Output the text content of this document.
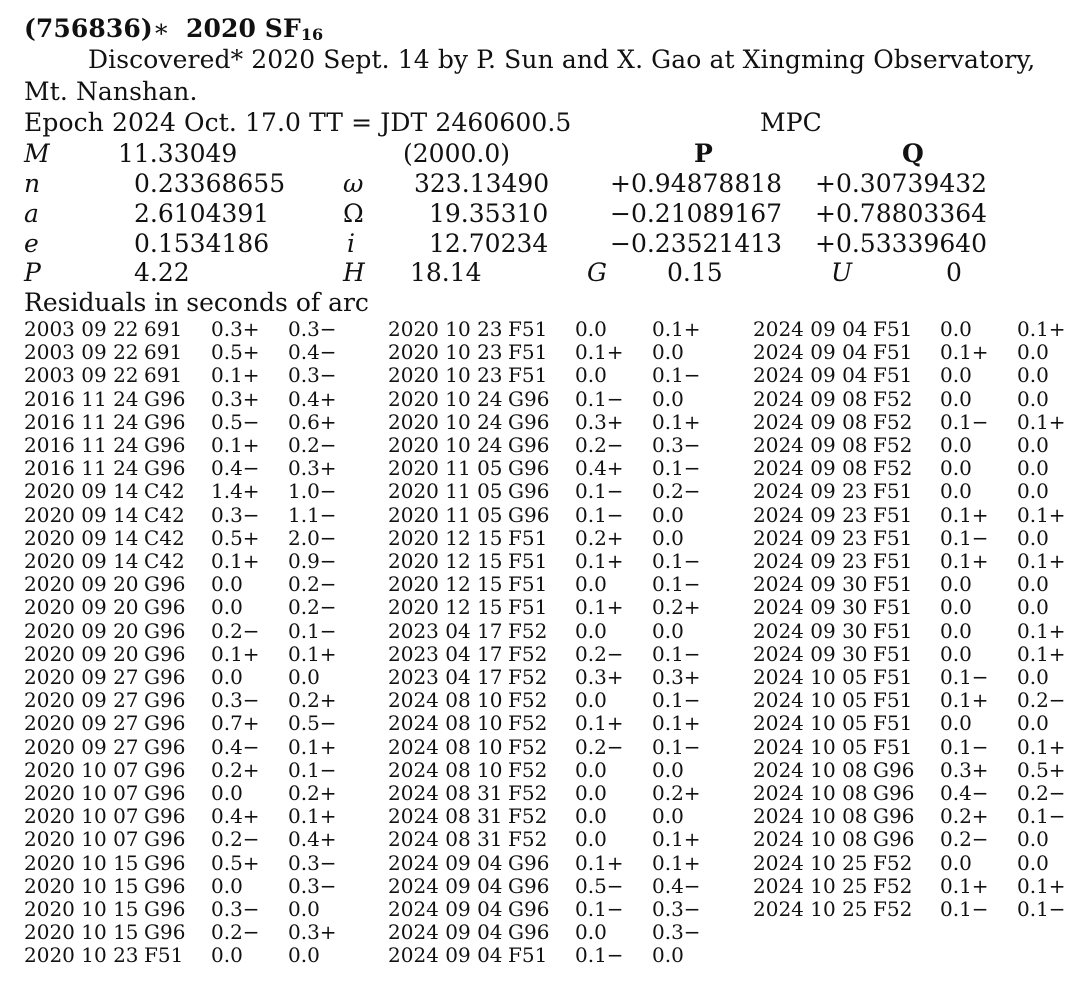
(756836)∗ 2020 $SF_{16}$
Discovered* 2020 Sept. 14 by P. Sun and X. Gao at Xingming Observatory,
Mt. Nanshan.
Epoch 2024 Oct. 17.0 TT = JDT 2460600.5	MPC
M	11.33049	(2000.0)	P	Q
n	0.23368655 ω 323.13490 +0.94878818 +0.30739432
a	2.6104391	Ω	19.35310 −0.21089167 +0.78803364
e	0.1534186	i	12.70234 −0.23521413 +0.53339640
P	4.22	H 18.14	G 0.15	U	0
Residuals in seconds of arc
2003 09 22 691 0.3+ 0.3−
2003 09 22 691 0.5+ 0.4−
2003 09 22 691 0.1+ 0.3−
2016 11 24 G96 0.3+ 0.4+
2016 11 24 G96 0.5− 0.6+
2016 11 24 G96 0.1+ 0.2−
2016 11 24 G96 0.4− 0.3+
2020 09 14 C42 1.4+ 1.0−
2020 09 14 C42 0.3− 1.1−
2020 09 14 C42 0.5+ 2.0−
2020 09 14 C42 0.1+ 0.9−
2020 09 20 G96 0.0 0.2−
2020 09 20 G96 0.0 0.2−
2020 09 20 G96 0.2− 0.1−
2020 09 20 G96 0.1+ 0.1+
2020 09 27 G96 0.0 0.0
2020 09 27 G96 0.3− 0.2+
2020 09 27 G96 0.7+ 0.5−
2020 09 27 G96 0.4− 0.1+
2020 10 07 G96 0.2+ 0.1−
2020 10 07 G96 0.0 0.2+
2020 10 07 G96 0.4+ 0.1+
2020 10 07 G96 0.2− 0.4+
2020 10 15 G96 0.5+ 0.3−
2020 10 15 G96 0.0 0.3−
2020 10 15 G96 0.3− 0.0
2020 10 15 G96 0.2− 0.3+
2020 10 23 F51 0.0 0.0
2020 10 23 F51 0.0 0.1+
2020 10 23 F51 0.1+ 0.0
2020 10 23 F51 0.0 0.1−
2020 10 24 G96 0.1− 0.0
2020 10 24 G96 0.3+ 0.1+
2020 10 24 G96 0.2− 0.3−
2020 11 05 G96 0.4+ 0.1−
2020 11 05 G96 0.1− 0.2−
2020 11 05 G96 0.1− 0.0
2020 12 15 F51 0.2+ 0.0
2020 12 15 F51 0.1+ 0.1−
2020 12 15 F51 0.0 0.1−
2020 12 15 F51 0.1+ 0.2+
2023 04 17 F52 0.0 0.0
2023 04 17 F52 0.2− 0.1−
2023 04 17 F52 0.3+ 0.3+
2024 08 10 F52 0.0 0.1−
2024 08 10 F52 0.1+ 0.1+
2024 08 10 F52 0.2− 0.1−
2024 08 10 F52 0.0 0.0
2024 08 31 F52 0.0 0.2+
2024 08 31 F52 0.0 0.0
2024 08 31 F52 0.0 0.1+
2024 09 04 G96 0.1+ 0.1+
2024 09 04 G96 0.5− 0.4−
2024 09 04 G96 0.1− 0.3−
2024 09 04 G96 0.0 0.3−
2024 09 04 F51 0.1− 0.0
2024 09 04 F51 0.0 0.1+
2024 09 04 F51 0.1+ 0.0
2024 09 04 F51 0.0 0.0
2024 09 08 F52 0.0 0.0
2024 09 08 F52 0.1− 0.1+
2024 09 08 F52 0.0 0.0
2024 09 08 F52 0.0 0.0
2024 09 23 F51 0.0 0.0
2024 09 23 F51 0.1+ 0.1+
2024 09 23 F51 0.1− 0.0
2024 09 23 F51 0.1+ 0.1+
2024 09 30 F51 0.0 0.0
2024 09 30 F51 0.0 0.0
2024 09 30 F51 0.0 0.1+
2024 09 30 F51 0.0 0.1+
2024 10 05 F51 0.1− 0.0
2024 10 05 F51 0.1+ 0.2−
2024 10 05 F51 0.0 0.0
2024 10 05 F51 0.1− 0.1+
2024 10 08 G96 0.3+ 0.5+
2024 10 08 G96 0.4− 0.2−
2024 10 08 G96 0.2+ 0.1−
2024 10 08 G96 0.2− 0.0
2024 10 25 F52 0.0 0.0
2024 10 25 F52 0.1+ 0.1+
2024 10 25 F52 0.1− 0.1−
